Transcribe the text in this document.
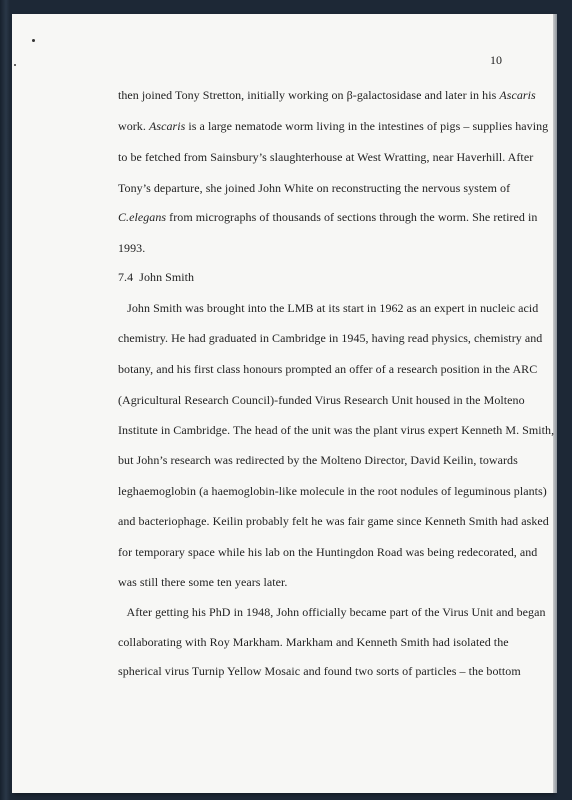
10
then joined Tony Stretton, initially working on β-galactosidase and later in his Ascaris
work. Ascaris is a large nematode worm living in the intestines of pigs – supplies having
to be fetched from Sainsbury’s slaughterhouse at West Wratting, near Haverhill. After
Tony’s departure, she joined John White on reconstructing the nervous system of
C.elegans from micrographs of thousands of sections through the worm. She retired in
1993.
7.4  John Smith
John Smith was brought into the LMB at its start in 1962 as an expert in nucleic acid
chemistry. He had graduated in Cambridge in 1945, having read physics, chemistry and
botany, and his first class honours prompted an offer of a research position in the ARC
(Agricultural Research Council)-funded Virus Research Unit housed in the Molteno
Institute in Cambridge. The head of the unit was the plant virus expert Kenneth M. Smith,
but John’s research was redirected by the Molteno Director, David Keilin, towards
leghaemoglobin (a haemoglobin-like molecule in the root nodules of leguminous plants)
and bacteriophage. Keilin probably felt he was fair game since Kenneth Smith had asked
for temporary space while his lab on the Huntingdon Road was being redecorated, and
was still there some ten years later.
After getting his PhD in 1948, John officially became part of the Virus Unit and began
collaborating with Roy Markham. Markham and Kenneth Smith had isolated the
spherical virus Turnip Yellow Mosaic and found two sorts of particles – the bottom
